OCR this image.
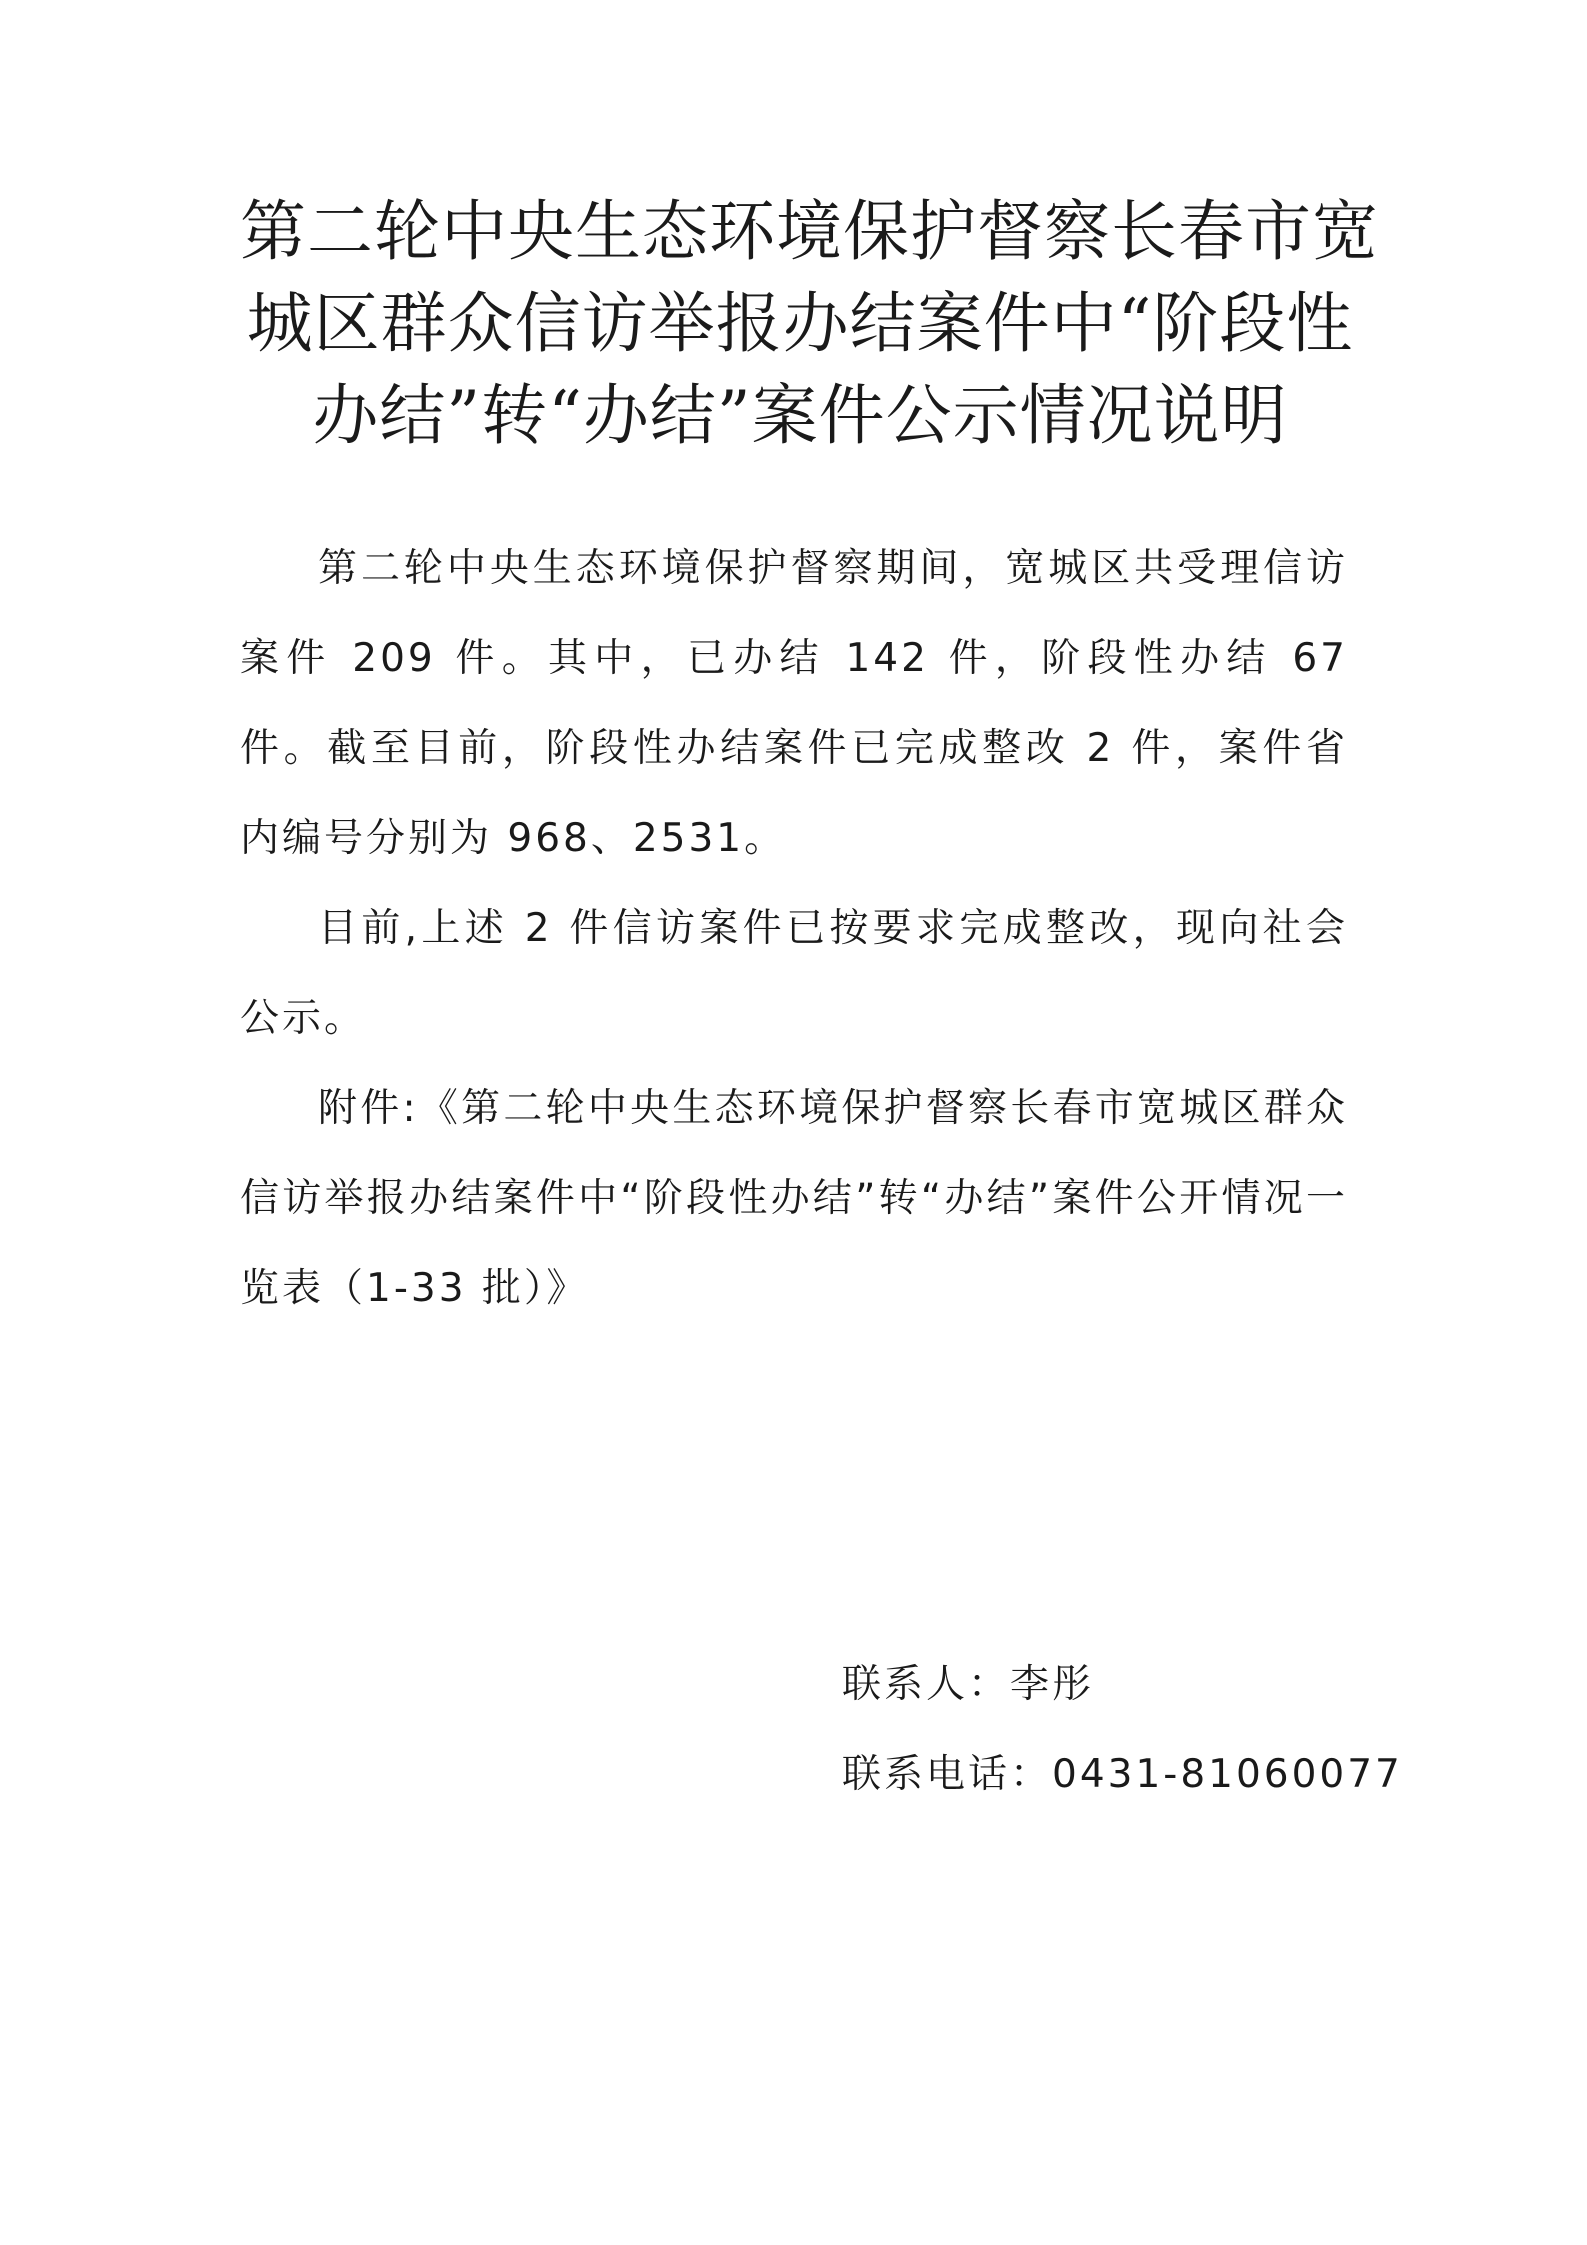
第二轮中央生态环境保护督察长春市宽
城区群众信访举报办结案件中“阶段性
办结”转“办结”案件公示情况说明

第二轮中央生态环境保护督察期间，宽城区共受理信访案件 209 件。其中，已办结 142 件，阶段性办结 67 件。截至目前，阶段性办结案件已完成整改 2 件，案件省内编号分别为 968、2531。

目前,上述 2 件信访案件已按要求完成整改，现向社会公示。

附件:《第二轮中央生态环境保护督察长春市宽城区群众信访举报办结案件中“阶段性办结”转“办结”案件公开情况一览表（1-33 批）》

联系人：李彤
联系电话：0431-81060077
